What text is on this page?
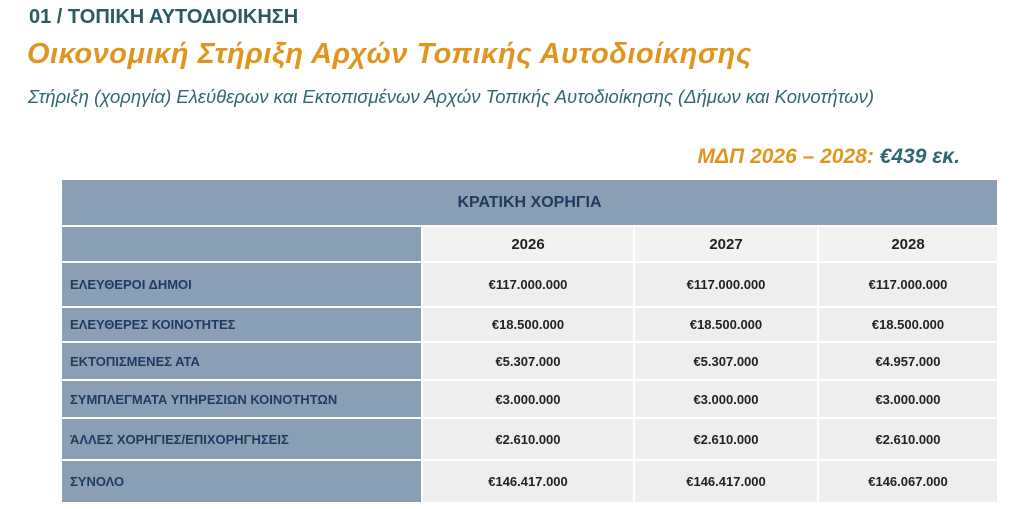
01 / ΤΟΠΙΚΗ ΑΥΤΟΔΙΟΙΚΗΣΗ
Οικονομική Στήριξη Αρχών Τοπικής Αυτοδιοίκησης
Στήριξη (χορηγία) Ελεύθερων και Εκτοπισμένων Αρχών Τοπικής Αυτοδιοίκησης (Δήμων και Κοινοτήτων)
ΜΔΠ 2026 – 2028: €439 εκ.
ΚΡΑΤΙΚΗ ΧΟΡΗΓΙΑ			
	2026	2027	2028
ΕΛΕΥΘΕΡΟΙ ΔΗΜΟΙ	€117.000.000	€117.000.000	€117.000.000
ΕΛΕΥΘΕΡΕΣ ΚΟΙΝΟΤΗΤΕΣ	€18.500.000	€18.500.000	€18.500.000
ΕΚΤΟΠΙΣΜΕΝΕΣ ΑΤΑ	€5.307.000	€5.307.000	€4.957.000
ΣΥΜΠΛΕΓΜΑΤΑ ΥΠΗΡΕΣΙΩΝ ΚΟΙΝΟΤΗΤΩΝ	€3.000.000	€3.000.000	€3.000.000
ΆΛΛΕΣ ΧΟΡΗΓΙΕΣ/ΕΠΙΧΟΡΗΓΗΣΕΙΣ	€2.610.000	€2.610.000	€2.610.000
ΣΥΝΟΛΟ	€146.417.000	€146.417.000	€146.067.000
